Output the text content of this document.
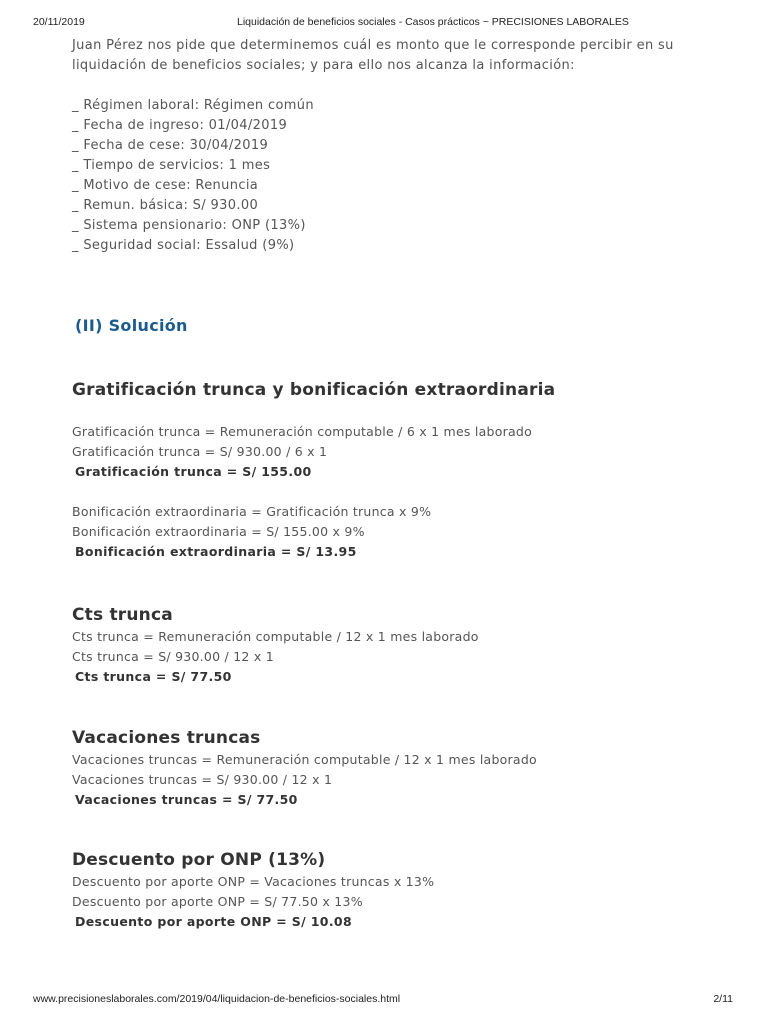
20/11/2019	Liquidación de beneficios sociales - Casos prácticos ~ PRECISIONES LABORALES

Juan Pérez nos pide que determinemos cuál es monto que le corresponde percibir en su

liquidación de beneficios sociales; y para ello nos alcanza la información:

_ Régimen laboral: Régimen común

_ Fecha de ingreso: 01/04/2019

_ Fecha de cese: 30/04/2019

_ Tiempo de servicios: 1 mes

_ Motivo de cese: Renuncia

_ Remun. básica: S/ 930.00

_ Sistema pensionario: ONP (13%)

_ Seguridad social: Essalud (9%)

(II) Solución
Gratificación trunca y bonificación extraordinaria

Gratificación trunca = Remuneración computable / 6 x 1 mes laborado

Gratificación trunca = S/ 930.00 / 6 x 1

Gratificación trunca = S/ 155.00

Bonificación extraordinaria = Gratificación trunca x 9%

Bonificación extraordinaria = S/ 155.00 x 9%

Bonificación extraordinaria = S/ 13.95

Cts trunca

Cts trunca = Remuneración computable / 12 x 1 mes laborado

Cts trunca = S/ 930.00 / 12 x 1

Cts trunca = S/ 77.50

Vacaciones truncas

Vacaciones truncas = Remuneración computable / 12 x 1 mes laborado

Vacaciones truncas = S/ 930.00 / 12 x 1

Vacaciones truncas = S/ 77.50

Descuento por ONP (13%)

Descuento por aporte ONP = Vacaciones truncas x 13%

Descuento por aporte ONP = S/ 77.50 x 13%

Descuento por aporte ONP = S/ 10.08

www.precisioneslaborales.com/2019/04/liquidacion-de-beneficios-sociales.html	2/11
